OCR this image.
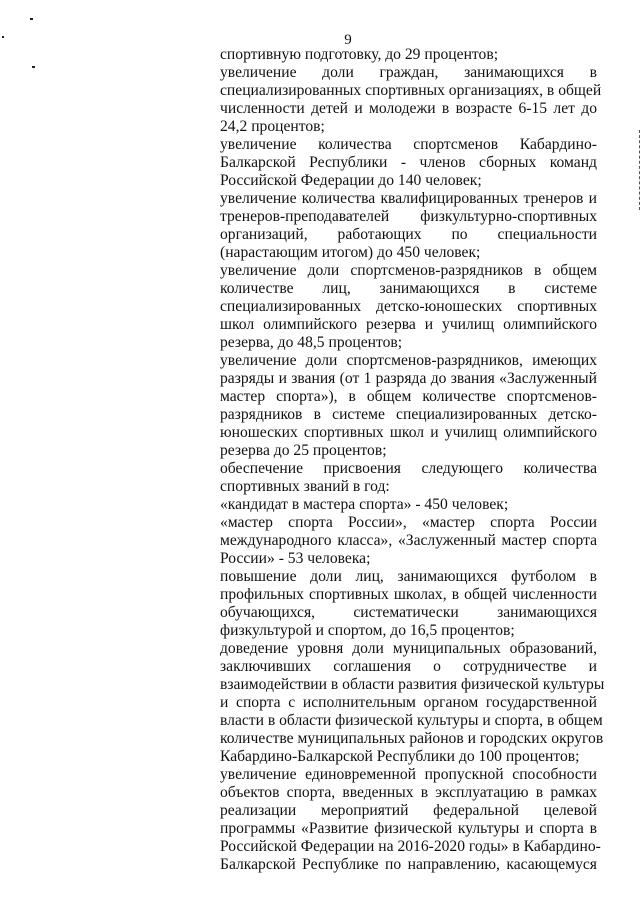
9
спортивную подготовку, до 29 процентов;
увеличение доли граждан, занимающихся в
специализированных спортивных организациях, в общей
численности детей и молодежи в возрасте 6-15 лет до
24,2 процентов;
увеличение количества спортсменов Кабардино-
Балкарской Республики - членов сборных команд
Российской Федерации до 140 человек;
увеличение количества квалифицированных тренеров и
тренеров-преподавателей физкультурно-спортивных
организаций, работающих по специальности
(нарастающим итогом) до 450 человек;
увеличение доли спортсменов-разрядников в общем
количестве лиц, занимающихся в системе
специализированных детско-юношеских спортивных
школ олимпийского резерва и училищ олимпийского
резерва, до 48,5 процентов;
увеличение доли спортсменов-разрядников, имеющих
разряды и звания (от 1 разряда до звания «Заслуженный
мастер спорта»), в общем количестве спортсменов-
разрядников в системе специализированных детско-
юношеских спортивных школ и училищ олимпийского
резерва до 25 процентов;
обеспечение присвоения следующего количества
спортивных званий в год:
«кандидат в мастера спорта» - 450 человек;
«мастер спорта России», «мастер спорта России
международного класса», «Заслуженный мастер спорта
России» - 53 человека;
повышение доли лиц, занимающихся футболом в
профильных спортивных школах, в общей численности
обучающихся, систематически занимающихся
физкультурой и спортом, до 16,5 процентов;
доведение уровня доли муниципальных образований,
заключивших соглашения о сотрудничестве и
взаимодействии в области развития физической культуры
и спорта с исполнительным органом государственной
власти в области физической культуры и спорта, в общем
количестве муниципальных районов и городских округов
Кабардино-Балкарской Республики до 100 процентов;
увеличение единовременной пропускной способности
объектов спорта, введенных в эксплуатацию в рамках
реализации мероприятий федеральной целевой
программы «Развитие физической культуры и спорта в
Российской Федерации на 2016-2020 годы» в Кабардино-
Балкарской Республике по направлению, касающемуся
